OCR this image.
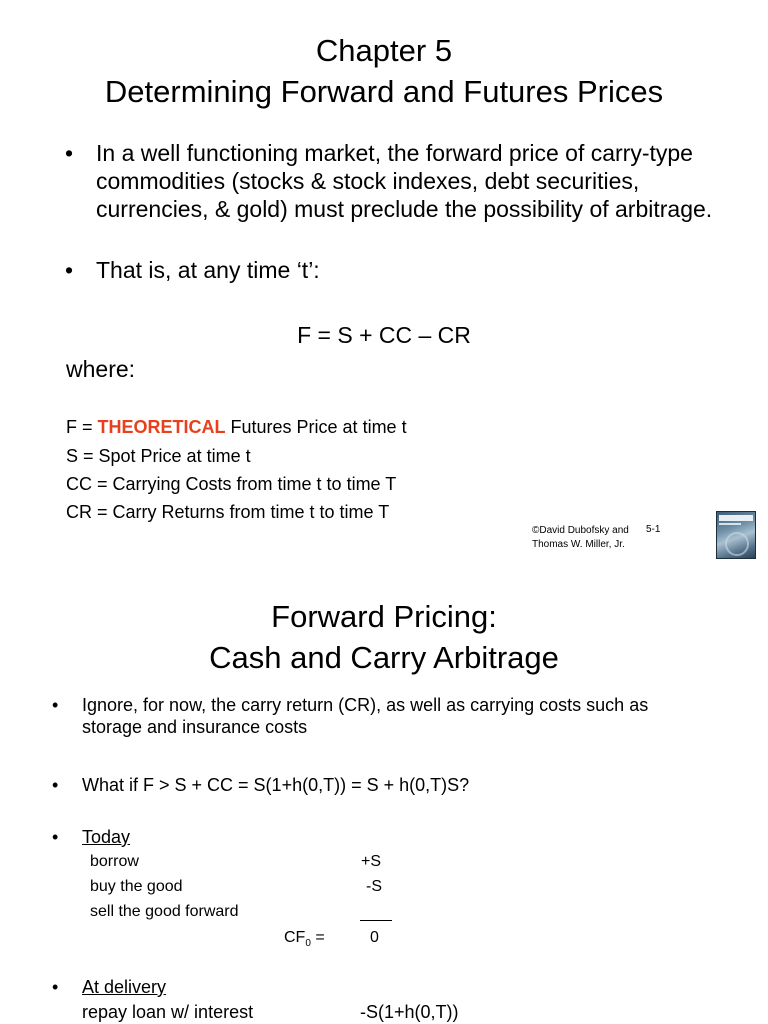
Chapter 5
Determining Forward and Futures Prices
• In a well functioning market, the forward price of carry-type commodities (stocks & stock indexes, debt securities, currencies, & gold) must preclude the possibility of arbitrage.
• That is, at any time ‘t’:
F = S + CC – CR
where:
F = THEORETICAL Futures Price at time t
S = Spot Price at time t
CC = Carrying Costs from time t to time T
CR = Carry Returns from time t to time T
©David Dubofsky and
Thomas W. Miller, Jr.
5-1
Forward Pricing:
Cash and Carry Arbitrage
•	Ignore, for now, the carry return (CR), as well as carrying costs such as storage and insurance costs
•	What if F > S + CC = S(1+h(0,T)) = S + h(0,T)S?
•	Today
borrow	+S
buy the good	-S
sell the good forward
$CF_0$ =	0
•	At delivery
repay loan w/ interest	-S(1+h(0,T))
